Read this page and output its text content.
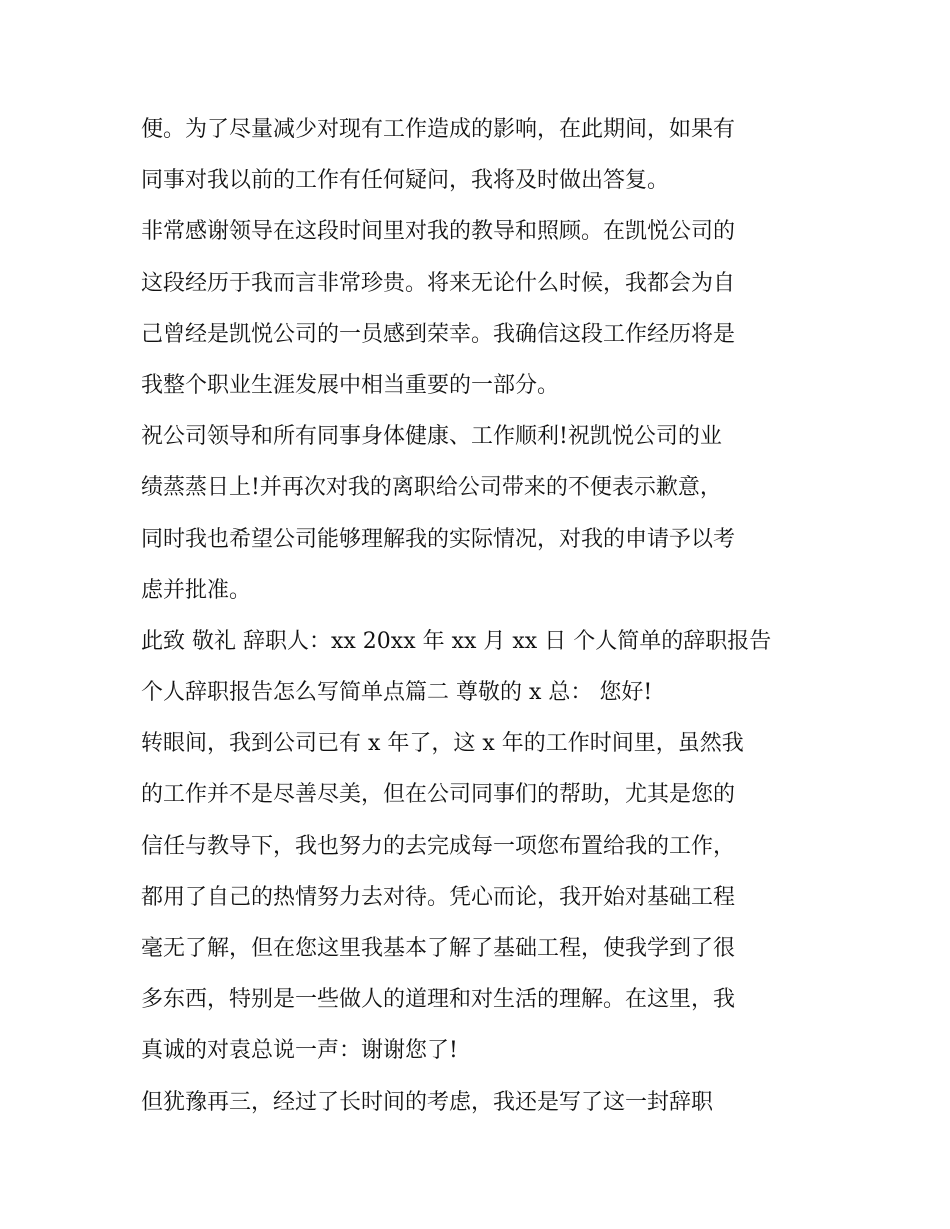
便。为了尽量减少对现有工作造成的影响，在此期间，如果有
同事对我以前的工作有任何疑问，我将及时做出答复。
非常感谢领导在这段时间里对我的教导和照顾。在凯悦公司的
这段经历于我而言非常珍贵。将来无论什么时候，我都会为自
己曾经是凯悦公司的一员感到荣幸。我确信这段工作经历将是
我整个职业生涯发展中相当重要的一部分。
祝公司领导和所有同事身体健康、工作顺利!祝凯悦公司的业
绩蒸蒸日上!并再次对我的离职给公司带来的不便表示歉意，
同时我也希望公司能够理解我的实际情况，对我的申请予以考
虑并批准。
此致 敬礼 辞职人：xx 20xx 年 xx 月 xx 日 个人简单的辞职报告
个人辞职报告怎么写简单点篇二 尊敬的 x 总： 您好!
转眼间，我到公司已有 x 年了，这 x 年的工作时间里，虽然我
的工作并不是尽善尽美，但在公司同事们的帮助，尤其是您的
信任与教导下，我也努力的去完成每一项您布置给我的工作，
都用了自己的热情努力去对待。凭心而论，我开始对基础工程
毫无了解，但在您这里我基本了解了基础工程，使我学到了很
多东西，特别是一些做人的道理和对生活的理解。在这里，我
真诚的对袁总说一声：谢谢您了!
但犹豫再三，经过了长时间的考虑，我还是写了这一封辞职
